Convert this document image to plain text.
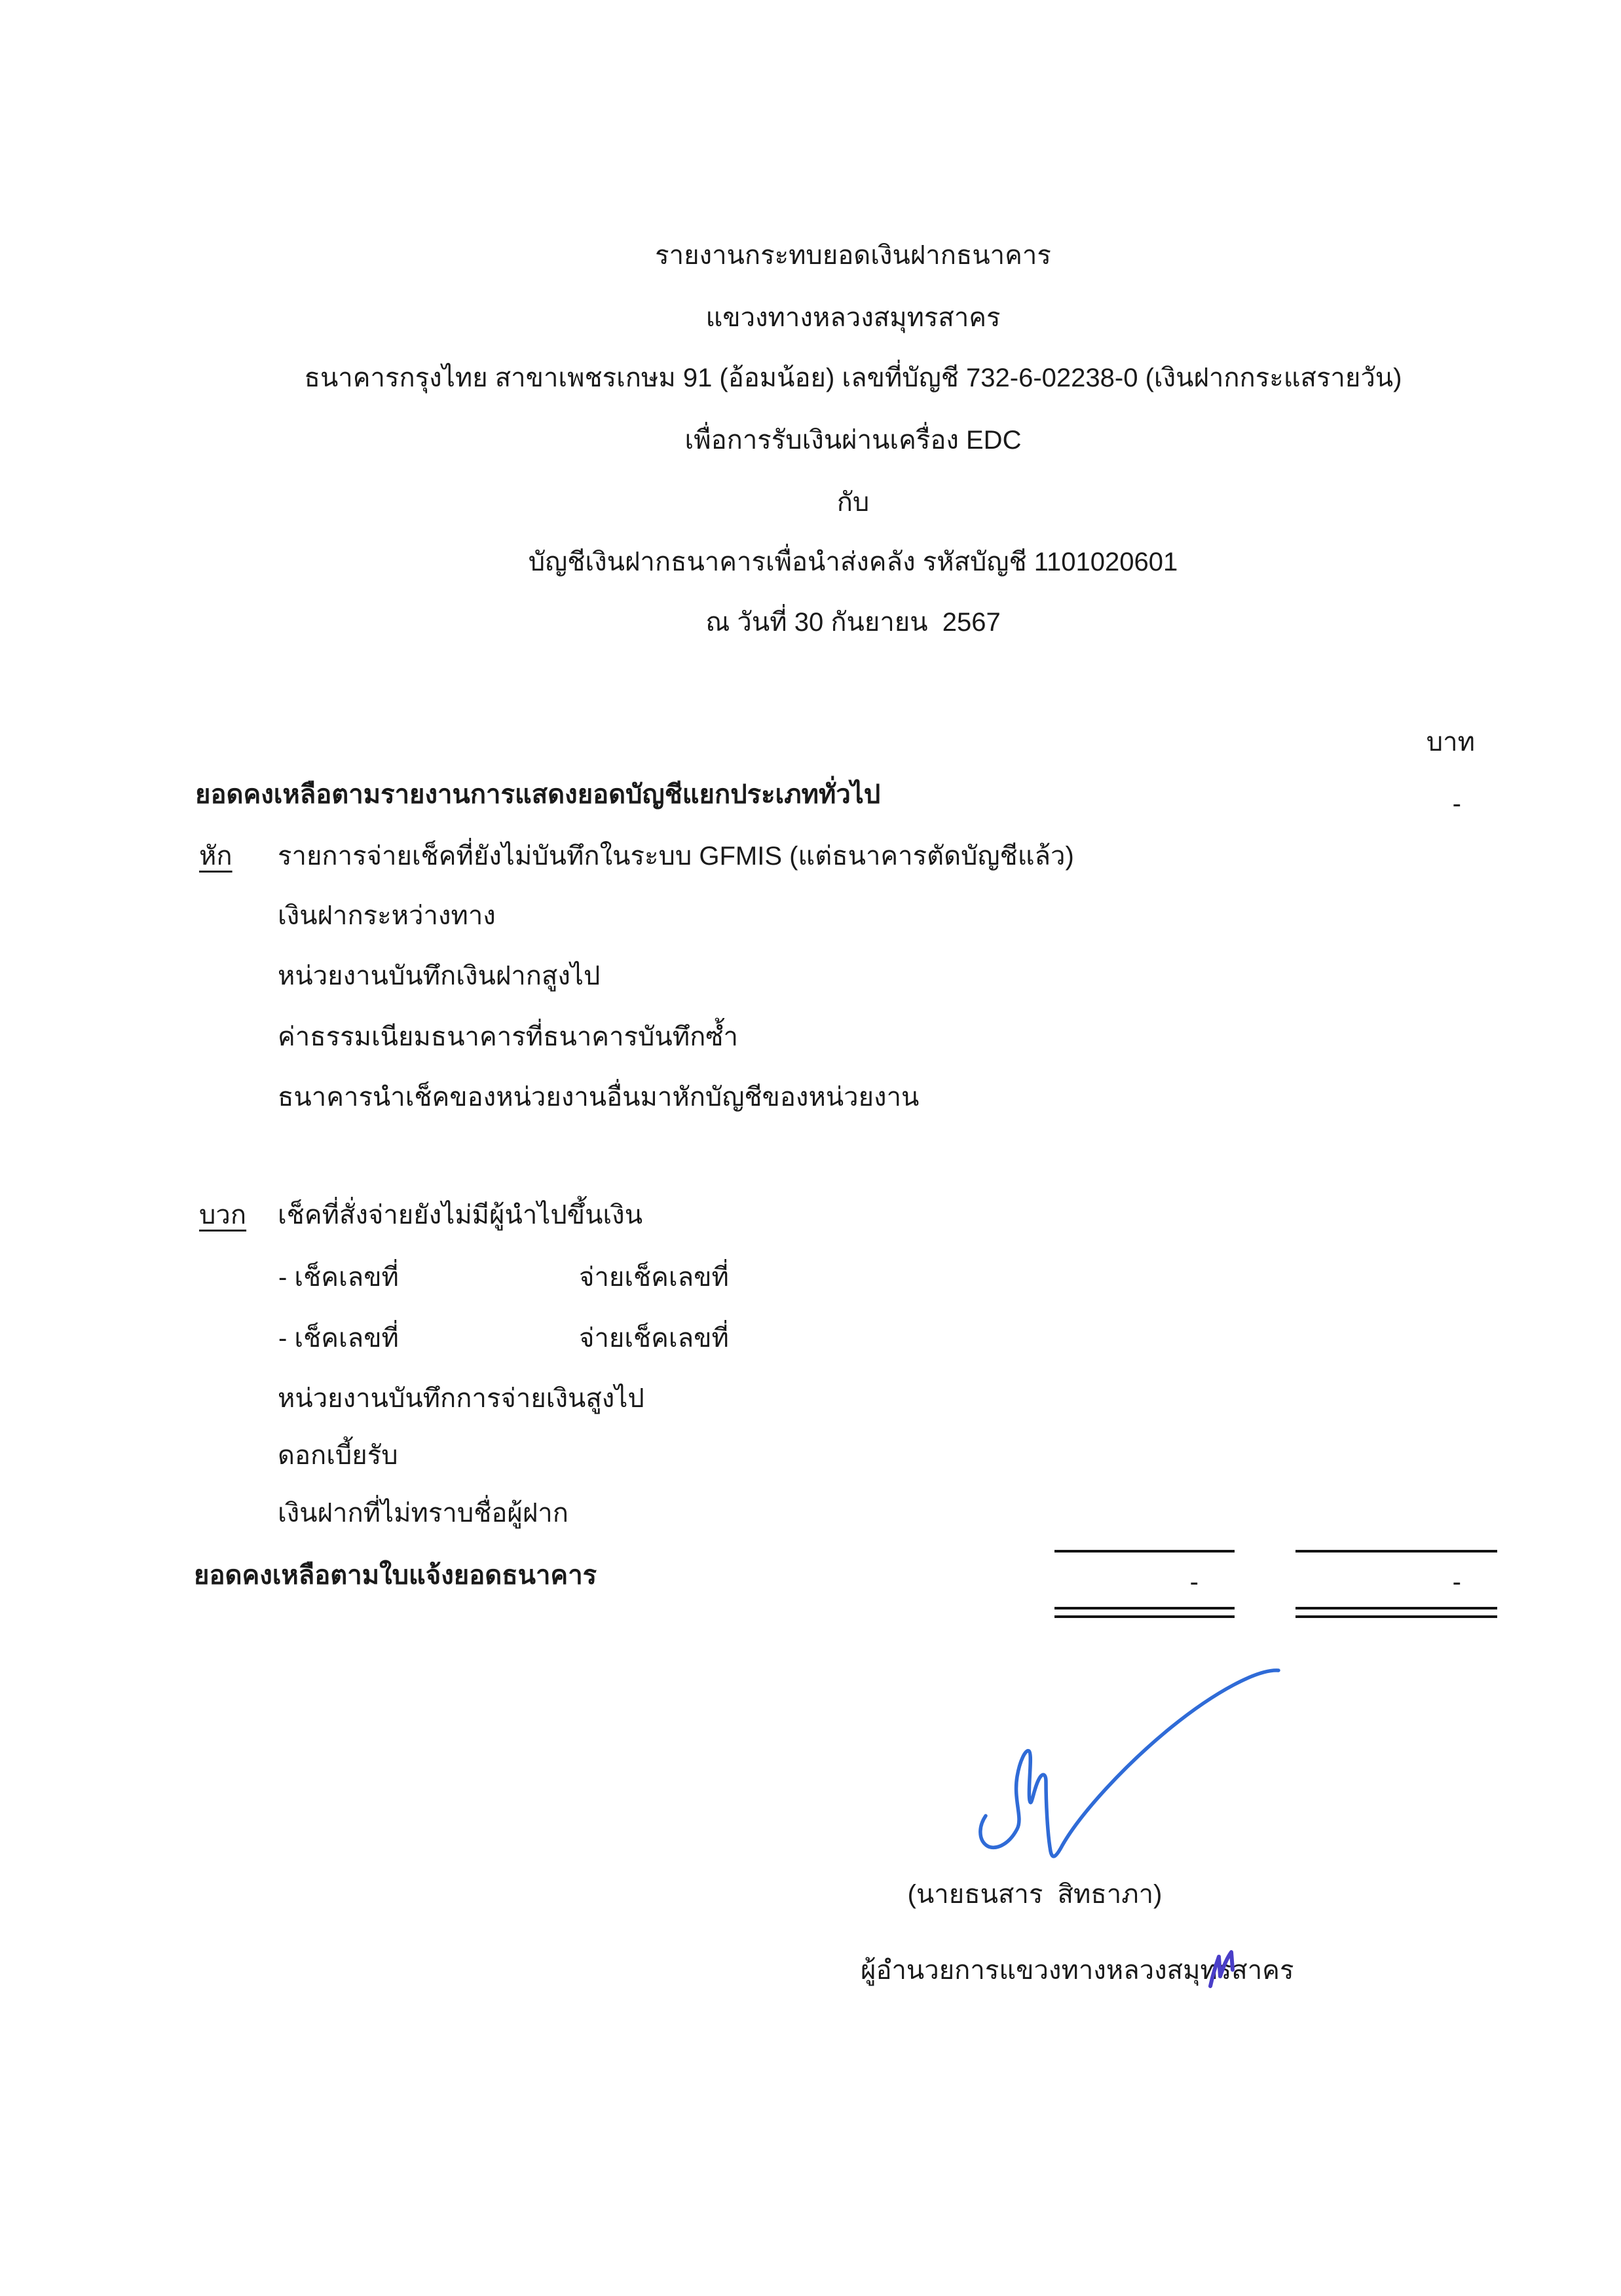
รายงานกระทบยอดเงินฝากธนาคาร
แขวงทางหลวงสมุทรสาคร
ธนาคารกรุงไทย สาขาเพชรเกษม 91 (อ้อมน้อย) เลขที่บัญชี 732-6-02238-0 (เงินฝากกระแสรายวัน)
เพื่อการรับเงินผ่านเครื่อง EDC
กับ
บัญชีเงินฝากธนาคารเพื่อนำส่งคลัง รหัสบัญชี 1101020601
ณ วันที่ 30 กันยายน  2567
บาท
ยอดคงเหลือตามรายงานการแสดงยอดบัญชีแยกประเภททั่วไป	-
หัก รายการจ่ายเช็คที่ยังไม่บันทึกในระบบ GFMIS (แต่ธนาคารตัดบัญชีแล้ว)
เงินฝากระหว่างทาง
หน่วยงานบันทึกเงินฝากสูงไป
ค่าธรรมเนียมธนาคารที่ธนาคารบันทึกซ้ำ
ธนาคารนำเช็คของหน่วยงานอื่นมาหักบัญชีของหน่วยงาน
บวก เช็คที่สั่งจ่ายยังไม่มีผู้นำไปขึ้นเงิน
- เช็คเลขที่	จ่ายเช็คเลขที่
- เช็คเลขที่	จ่ายเช็คเลขที่
หน่วยงานบันทึกการจ่ายเงินสูงไป
ดอกเบี้ยรับ
เงินฝากที่ไม่ทราบชื่อผู้ฝาก
ยอดคงเหลือตามใบแจ้งยอดธนาคาร	-	-
(นายธนสาร  สิทธาภา)
ผู้อำนวยการแขวงทางหลวงสมุทรสาคร
